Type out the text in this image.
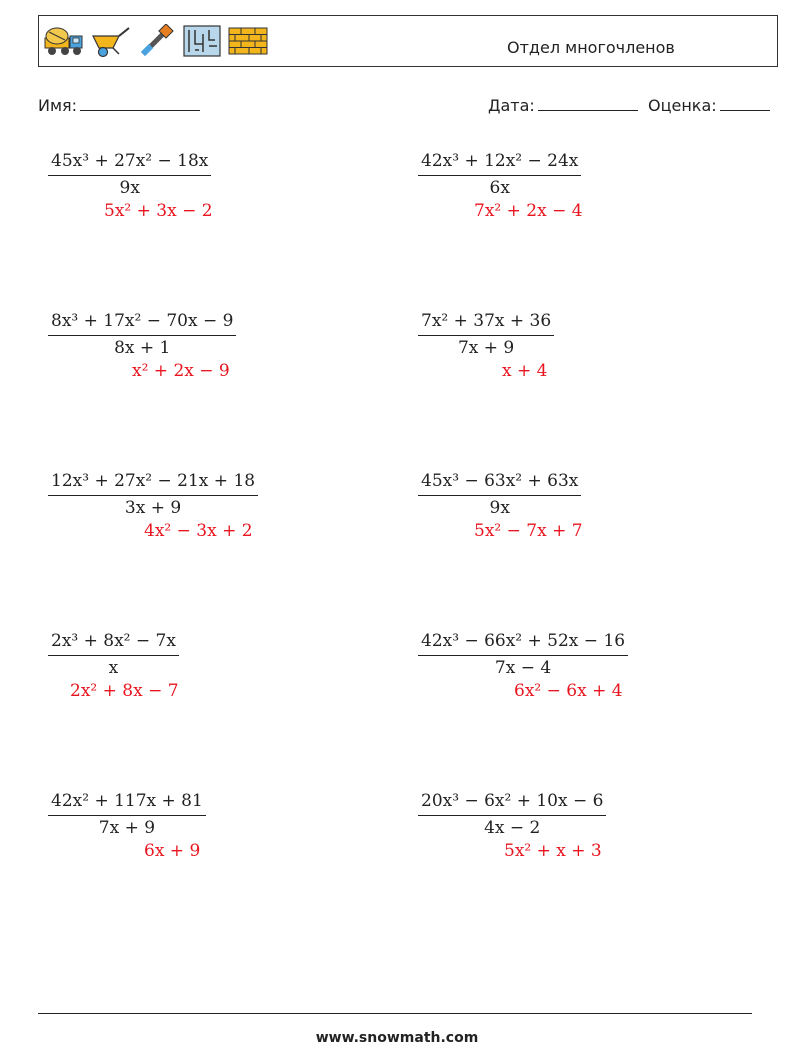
Отдел многочленов
Имя:	Дата:	Оценка:
$\frac{\text{45x³ + 27x² − 18x}}{9x}$
5x² + 3x − 2
$\frac{\text{42x³ + 12x² − 24x}}{6x}$
7x² + 2x − 4
$\frac{\text{8x³ + 17x² − 70x − 9}}{8x + 1}$
x² + 2x − 9
$\frac{\text{7x² + 37x + 36}}{7x + 9}$
x + 4
$\frac{\text{12x³ + 27x² − 21x + 18}}{3x + 9}$
4x² − 3x + 2
$\frac{\text{45x³ − 63x² + 63x}}{9x}$
5x² − 7x + 7
$\frac{\text{2x³ + 8x² − 7x}}{x}$
2x² + 8x − 7
$\frac{\text{42x³ − 66x² + 52x − 16}}{7x - 4}$
6x² − 6x + 4
$\frac{\text{42x² + 117x + 81}}{7x + 9}$
6x + 9
$\frac{\text{20x³ − 6x² + 10x − 6}}{4x - 2}$
5x² + x + 3
www.snowmath.com
